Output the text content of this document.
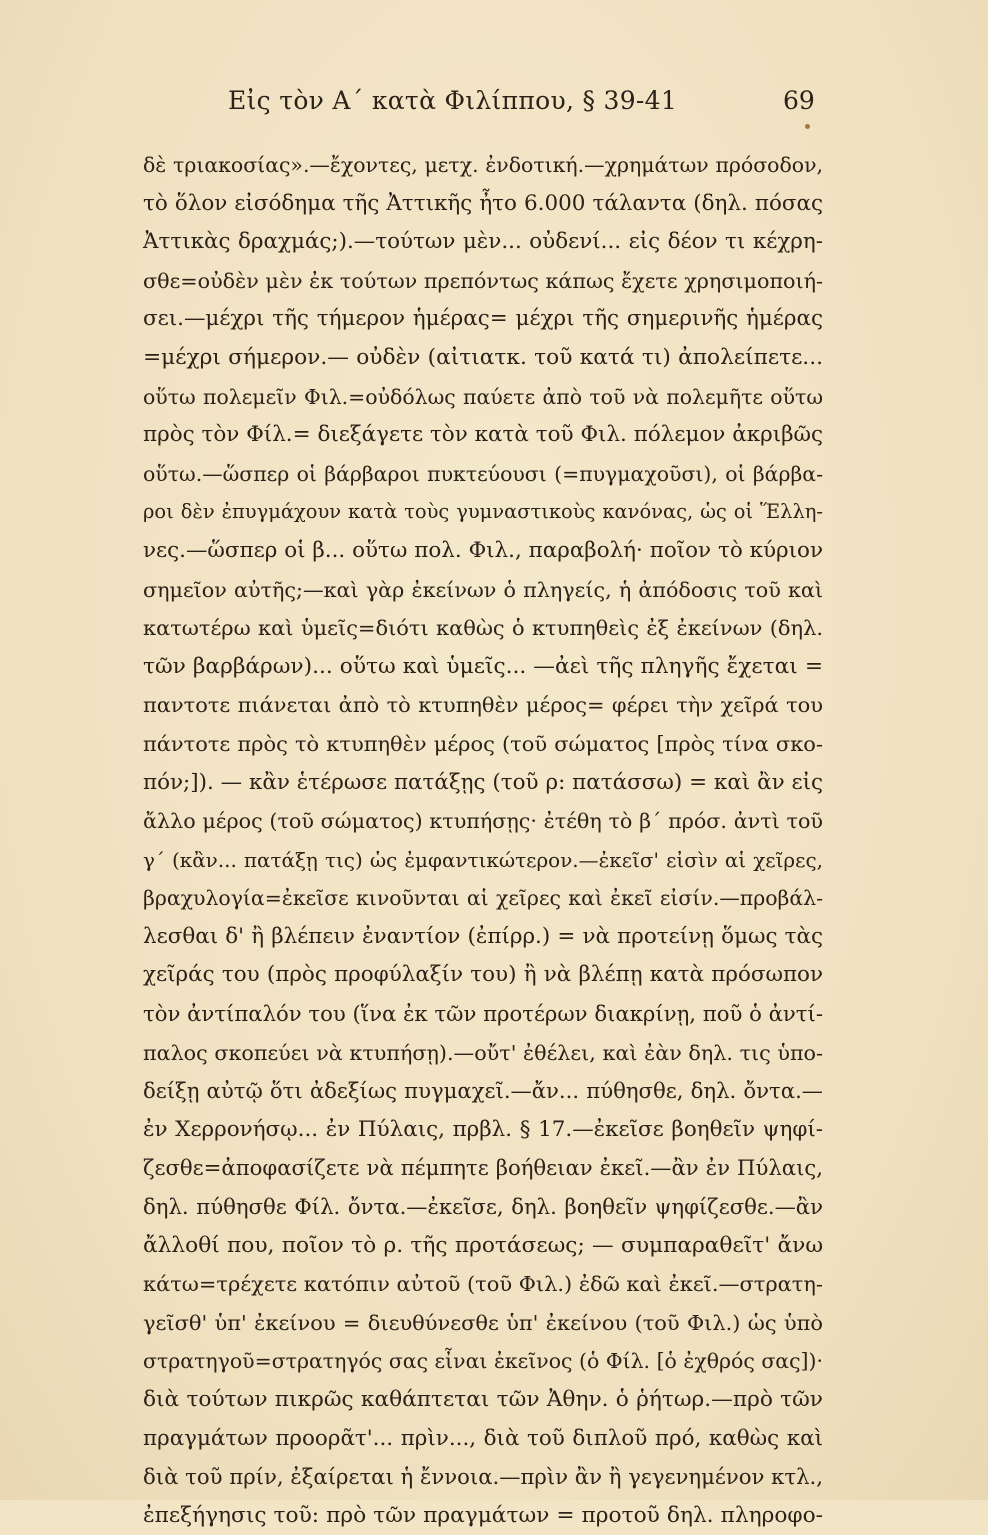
Εἰς τὸν Α΄ κατὰ Φιλίππου, § 39-41	69
δὲ τριακοσίας».—ἔχοντες, μετχ. ἐνδοτική.—χρημάτων πρόσοδον,
τὸ ὅλον εἰσόδημα τῆς Ἀττικῆς ἦτο 6.000 τάλαντα (δηλ. πόσας
Ἀττικὰς δραχμάς;).—τούτων μὲν... οὐδενί... εἰς δέον τι κέχρη-
σθε=οὐδὲν μὲν ἐκ τούτων πρεπόντως κάπως ἔχετε χρησιμοποιή-
σει.—μέχρι τῆς τήμερον ἡμέρας= μέχρι τῆς σημερινῆς ἡμέρας
=μέχρι σήμερον.— οὐδὲν (αἰτιατκ. τοῦ κατά τι) ἀπολείπετε...
οὕτω πολεμεῖν Φιλ.=οὐδόλως παύετε ἀπὸ τοῦ νὰ πολεμῆτε οὕτω
πρὸς τὸν Φίλ.= διεξάγετε τὸν κατὰ τοῦ Φιλ. πόλεμον ἀκριβῶς
οὕτω.—ὥσπερ οἱ βάρβαροι πυκτεύουσι (=πυγμαχοῦσι), οἱ βάρβα-
ροι δὲν ἐπυγμάχουν κατὰ τοὺς γυμναστικοὺς κανόνας, ὡς οἱ Ἕλλη-
νες.—ὥσπερ οἱ β... οὕτω πολ. Φιλ., παραβολή· ποῖον τὸ κύριον
σημεῖον αὐτῆς;—καὶ γὰρ ἐκείνων ὁ πληγείς, ἡ ἀπόδοσις τοῦ καὶ
κατωτέρω καὶ ὑμεῖς=διότι καθὼς ὁ κτυπηθεὶς ἐξ ἐκείνων (δηλ.
τῶν βαρβάρων)... οὕτω καὶ ὑμεῖς... —ἀεὶ τῆς πληγῆς ἔχεται =
παντοτε πιάνεται ἀπὸ τὸ κτυπηθὲν μέρος= φέρει τὴν χεῖρά του
πάντοτε πρὸς τὸ κτυπηθὲν μέρος (τοῦ σώματος [πρὸς τίνα σκο-
πόν;]). — κἂν ἑτέρωσε πατάξῃς (τοῦ ρ: πατάσσω) = καὶ ἂν εἰς
ἄλλο μέρος (τοῦ σώματος) κτυπήσῃς· ἐτέθη τὸ β΄ πρόσ. ἀντὶ τοῦ
γ΄ (κἂν... πατάξῃ τις) ὡς ἐμφαντικώτερον.—ἐκεῖσ' εἰσὶν αἱ χεῖρες,
βραχυλογία=ἐκεῖσε κινοῦνται αἱ χεῖρες καὶ ἐκεῖ εἰσίν.—προβάλ-
λεσθαι δ' ἢ βλέπειν ἐναντίον (ἐπίρρ.) = νὰ προτείνῃ ὅμως τὰς
χεῖράς του (πρὸς προφύλαξίν του) ἢ νὰ βλέπῃ κατὰ πρόσωπον
τὸν ἀντίπαλόν του (ἵνα ἐκ τῶν προτέρων διακρίνῃ, ποῦ ὁ ἀντί-
παλος σκοπεύει νὰ κτυπήσῃ).—οὔτ' ἐθέλει, καὶ ἐὰν δηλ. τις ὑπο-
δείξῃ αὐτῷ ὅτι ἀδεξίως πυγμαχεῖ.—ἄν... πύθησθε, δηλ. ὄντα.—
ἐν Χερρονήσῳ... ἐν Πύλαις, πρβλ. § 17.—ἐκεῖσε βοηθεῖν ψηφί-
ζεσθε=ἀποφασίζετε νὰ πέμπητε βοήθειαν ἐκεῖ.—ἂν ἐν Πύλαις,
δηλ. πύθησθε Φίλ. ὄντα.—ἐκεῖσε, δηλ. βοηθεῖν ψηφίζεσθε.—ἂν
ἄλλοθί που, ποῖον τὸ ρ. τῆς προτάσεως; — συμπαραθεῖτ' ἄνω
κάτω=τρέχετε κατόπιν αὐτοῦ (τοῦ Φιλ.) ἐδῶ καὶ ἐκεῖ.—στρατη-
γεῖσθ' ὑπ' ἐκείνου = διευθύνεσθε ὑπ' ἐκείνου (τοῦ Φιλ.) ὡς ὑπὸ
στρατηγοῦ=στρατηγός σας εἶναι ἐκεῖνος (ὁ Φίλ. [ὁ ἐχθρός σας])·
διὰ τούτων πικρῶς καθάπτεται τῶν Ἀθην. ὁ ῥήτωρ.—πρὸ τῶν
πραγμάτων προορᾶτ'... πρὶν..., διὰ τοῦ διπλοῦ πρό, καθὼς καὶ
διὰ τοῦ πρίν, ἐξαίρεται ἡ ἔννοια.—πρὶν ἂν ἢ γεγενημένον κτλ.,
ἐπεξήγησις τοῦ: πρὸ τῶν πραγμάτων = προτοῦ δηλ. πληροφο-
